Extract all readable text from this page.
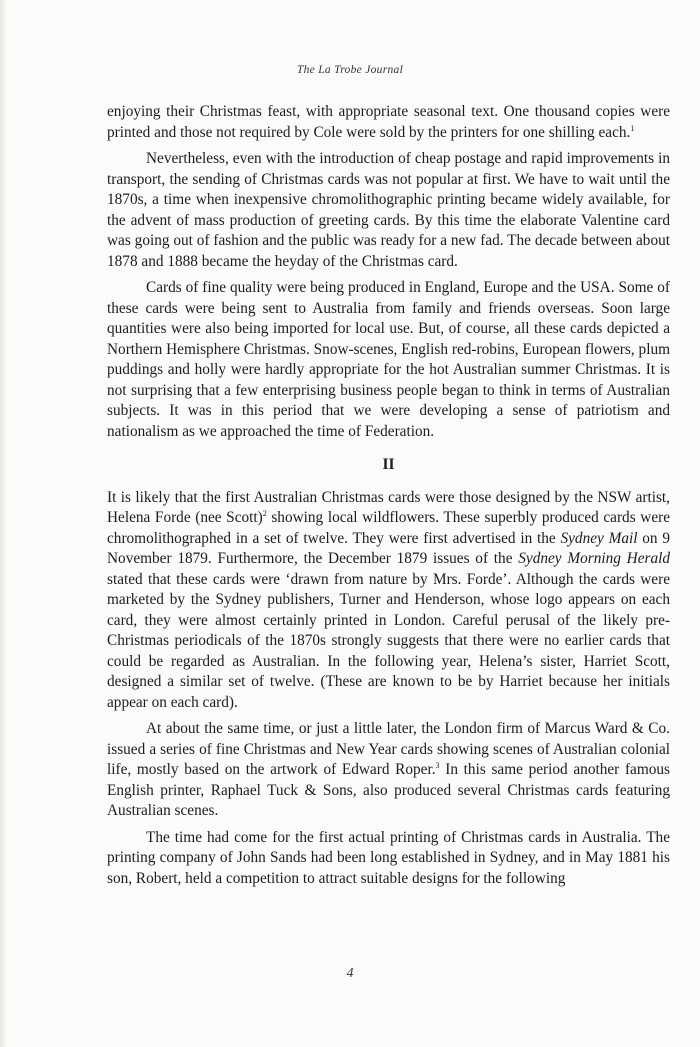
The La Trobe Journal

enjoying their Christmas feast, with appropriate seasonal text. One thousand copies were printed and those not required by Cole were sold by the printers for one shilling each.$^1$

Nevertheless, even with the introduction of cheap postage and rapid improvements in transport, the sending of Christmas cards was not popular at first. We have to wait until the 1870s, a time when inexpensive chromolithographic printing became widely available, for the advent of mass production of greeting cards. By this time the elaborate Valentine card was going out of fashion and the public was ready for a new fad. The decade between about 1878 and 1888 became the heyday of the Christmas card.

Cards of fine quality were being produced in England, Europe and the USA. Some of these cards were being sent to Australia from family and friends overseas. Soon large quantities were also being imported for local use. But, of course, all these cards depicted a Northern Hemisphere Christmas. Snow-scenes, English red-robins, European flowers, plum puddings and holly were hardly appropriate for the hot Australian summer Christmas. It is not surprising that a few enterprising business people began to think in terms of Australian subjects. It was in this period that we were developing a sense of patriotism and nationalism as we approached the time of Federation.

II

It is likely that the first Australian Christmas cards were those designed by the NSW artist, Helena Forde (nee Scott)$^2$ showing local wildflowers. These superbly produced cards were chromolithographed in a set of twelve. They were first advertised in the Sydney Mail on 9 November 1879. Furthermore, the December 1879 issues of the Sydney Morning Herald stated that these cards were ‘drawn from nature by Mrs. Forde’. Although the cards were marketed by the Sydney publishers, Turner and Henderson, whose logo appears on each card, they were almost certainly printed in London. Careful perusal of the likely pre-Christmas periodicals of the 1870s strongly suggests that there were no earlier cards that could be regarded as Australian. In the following year, Helena’s sister, Harriet Scott, designed a similar set of twelve. (These are known to be by Harriet because her initials appear on each card).

At about the same time, or just a little later, the London firm of Marcus Ward & Co. issued a series of fine Christmas and New Year cards showing scenes of Australian colonial life, mostly based on the artwork of Edward Roper.$^3$ In this same period another famous English printer, Raphael Tuck & Sons, also produced several Christmas cards featuring Australian scenes.

The time had come for the first actual printing of Christmas cards in Australia. The printing company of John Sands had been long established in Sydney, and in May 1881 his son, Robert, held a competition to attract suitable designs for the following

4
